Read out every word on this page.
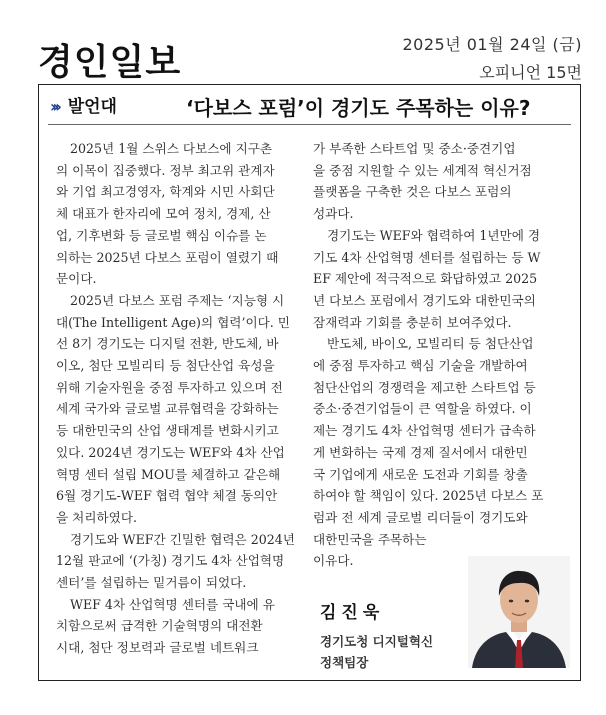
경인일보	2025년 01월 24일 (금)
오피니언 15면
››› 발언대	‘다보스 포럼’이 경기도 주목하는 이유?
2025년 1월 스위스 다보스에 지구촌
의 이목이 집중했다. 정부 최고위 관계자
와 기업 최고경영자, 학계와 시민 사회단
체 대표가 한자리에 모여 정치, 경제, 산
업, 기후변화 등 글로벌 핵심 이슈를 논
의하는 2025년 다보스 포럼이 열렸기 때
문이다.
2025년 다보스 포럼 주제는 ‘지능형 시
대(The Intelligent Age)의 협력’이다. 민
선 8기 경기도는 디지털 전환, 반도체, 바
이오, 첨단 모빌리티 등 첨단산업 육성을
위해 기술자원을 중점 투자하고 있으며 전
세계 국가와 글로벌 교류협력을 강화하는
등 대한민국의 산업 생태계를 변화시키고
있다. 2024년 경기도는 WEF와 4차 산업
혁명 센터 설립 MOU를 체결하고 같은해
6월 경기도-WEF 협력 협약 체결 동의안
을 처리하였다.
경기도와 WEF간 긴밀한 협력은 2024년
12월 판교에 ‘(가칭) 경기도 4차 산업혁명
센터’를 설립하는 밑거름이 되었다.
WEF 4차 산업혁명 센터를 국내에 유
치함으로써 급격한 기술혁명의 대전환
시대, 첨단 정보력과 글로벌 네트워크
가 부족한 스타트업 및 중소·중견기업
을 중점 지원할 수 있는 세계적 혁신거점
플랫폼을 구축한 것은 다보스 포럼의
성과다.
경기도는 WEF와 협력하여 1년만에 경
기도 4차 산업혁명 센터를 설립하는 등 W
EF 제안에 적극적으로 화답하였고 2025
년 다보스 포럼에서 경기도와 대한민국의
잠재력과 기회를 충분히 보여주었다.
반도체, 바이오, 모빌리티 등 첨단산업
에 중점 투자하고 핵심 기술을 개발하여
첨단산업의 경쟁력을 제고한 스타트업 등
중소·중견기업들이 큰 역할을 하였다. 이
제는 경기도 4차 산업혁명 센터가 급속하
게 변화하는 국제 경제 질서에서 대한민
국 기업에게 새로운 도전과 기회를 창출
하여야 할 책임이 있다. 2025년 다보스 포
럼과 전 세계 글로벌 리더들이 경기도와
대한민국을 주목하는
이유다.
김진욱
경기도청 디지털혁신
정책팀장
